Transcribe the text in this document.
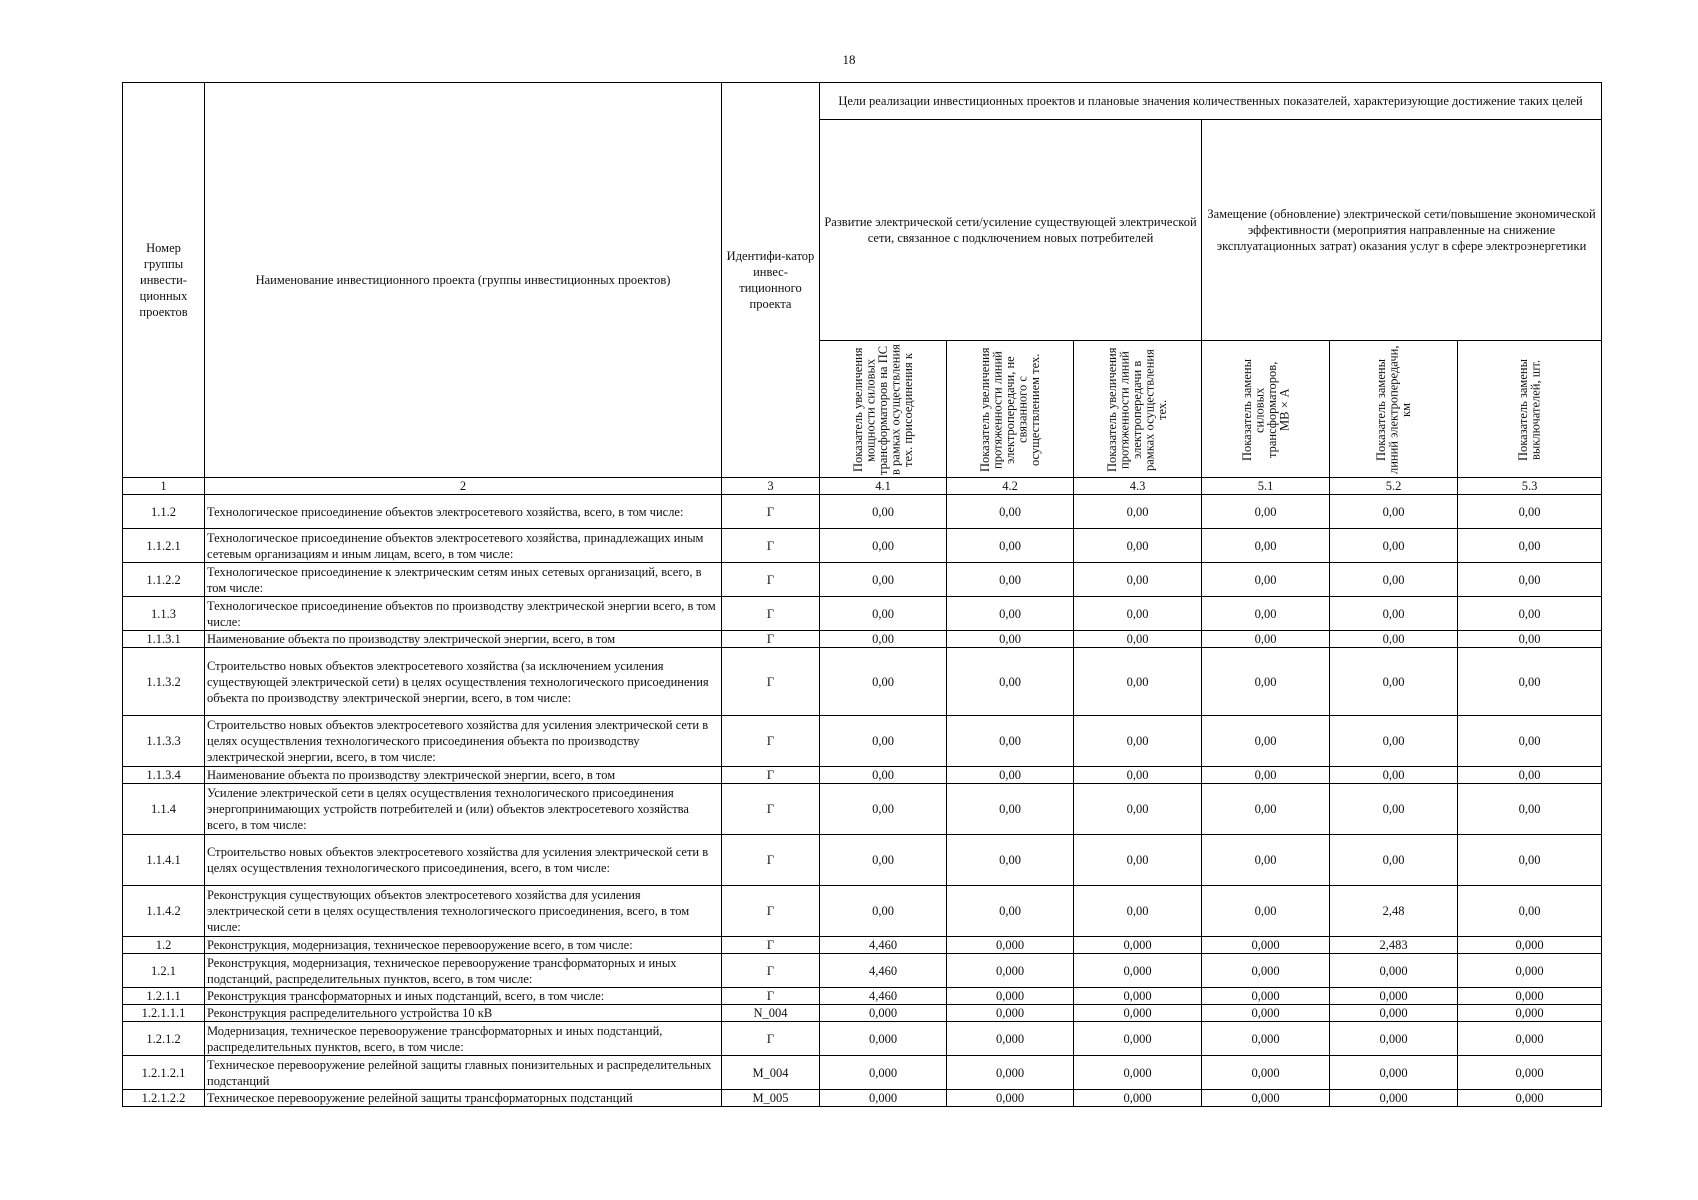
18
Номер группы инвести-ционных проектов	Наименование инвестиционного проекта (группы инвестиционных проектов)	Идентифи-катор инвес-тиционного проекта	Цели реализации инвестиционных проектов и плановые значения количественных показателей, характеризующие достижение таких целей					
			Развитие электрической сети/усиление существующей электрической сети, связанное с подключением новых потребителей			Замещение (обновление) электрической сети/повышение экономической эффективности (мероприятия направленные на снижение эксплуатационных затрат) оказания услуг в сфере электроэнергетики		

			Показатель увеличения мощности силовых трансформаторов на ПС в рамках осуществления тех. присоединения к	Показатель увеличения протяженности линий электропередачи, не связанного с осуществлением тех.	Показатель увеличения протяженности линий электропередачи в рамках осуществления тех.	Показатель замены силовых трансформаторов, МВ×А	Показатель замены линий электропередачи, км	Показатель замены выключателей, шт.

1	2	3	4.1	4.2	4.3	5.1	5.2	5.3
1.1.2	Технологическое присоединение объектов электросетевого хозяйства, всего, в том числе:	Г	0,00	0,00	0,00	0,00	0,00	0,00
1.1.2.1	Технологическое присоединение объектов электросетевого хозяйства, принадлежащих иным сетевым организациям и иным лицам, всего, в том числе:	Г	0,00	0,00	0,00	0,00	0,00	0,00
1.1.2.2	Технологическое присоединение к электрическим сетям иных сетевых организаций, всего, в том числе:	Г	0,00	0,00	0,00	0,00	0,00	0,00
1.1.3	Технологическое присоединение объектов по производству электрической энергии всего, в том числе:	Г	0,00	0,00	0,00	0,00	0,00	0,00
1.1.3.1	Наименование объекта по производству электрической энергии, всего, в том	Г	0,00	0,00	0,00	0,00	0,00	0,00
1.1.3.2	Строительство новых объектов электросетевого хозяйства (за исключением усиления существующей электрической сети) в целях осуществления технологического присоединения объекта по производству электрической энергии, всего, в том числе:	Г	0,00	0,00	0,00	0,00	0,00	0,00
1.1.3.3	Строительство новых объектов электросетевого хозяйства для усиления электрической сети в целях осуществления технологического присоединения объекта по производству электрической энергии, всего, в том числе:	Г	0,00	0,00	0,00	0,00	0,00	0,00
1.1.3.4	Наименование объекта по производству электрической энергии, всего, в том	Г	0,00	0,00	0,00	0,00	0,00	0,00
1.1.4	Усиление электрической сети в целях осуществления технологического присоединения энергопринимающих устройств потребителей и (или) объектов электросетевого хозяйства всего, в том числе:	Г	0,00	0,00	0,00	0,00	0,00	0,00
1.1.4.1	Строительство новых объектов электросетевого хозяйства для усиления электрической сети в целях осуществления технологического присоединения, всего, в том числе:	Г	0,00	0,00	0,00	0,00	0,00	0,00
1.1.4.2	Реконструкция существующих объектов электросетевого хозяйства для усиления электрической сети в целях осуществления технологического присоединения, всего, в том числе:	Г	0,00	0,00	0,00	0,00	2,48	0,00
1.2	Реконструкция, модернизация, техническое перевооружение всего, в том числе:	Г	4,460	0,000	0,000	0,000	2,483	0,000
1.2.1	Реконструкция, модернизация, техническое перевооружение трансформаторных и иных подстанций, распределительных пунктов, всего, в том числе:	Г	4,460	0,000	0,000	0,000	0,000	0,000
1.2.1.1	Реконструкция трансформаторных и иных подстанций, всего, в том числе:	Г	4,460	0,000	0,000	0,000	0,000	0,000
1.2.1.1.1	Реконструкция распределительного устройства 10 кВ	N_004	0,000	0,000	0,000	0,000	0,000	0,000
1.2.1.2	Модернизация, техническое перевооружение трансформаторных и иных подстанций, распределительных пунктов, всего, в том числе:	Г	0,000	0,000	0,000	0,000	0,000	0,000
1.2.1.2.1	Техническое перевооружение релейной защиты главных понизительных и распределительных подстанций	M_004	0,000	0,000	0,000	0,000	0,000	0,000
1.2.1.2.2	Техническое перевооружение релейной защиты трансформаторных подстанций	M_005	0,000	0,000	0,000	0,000	0,000	0,000
